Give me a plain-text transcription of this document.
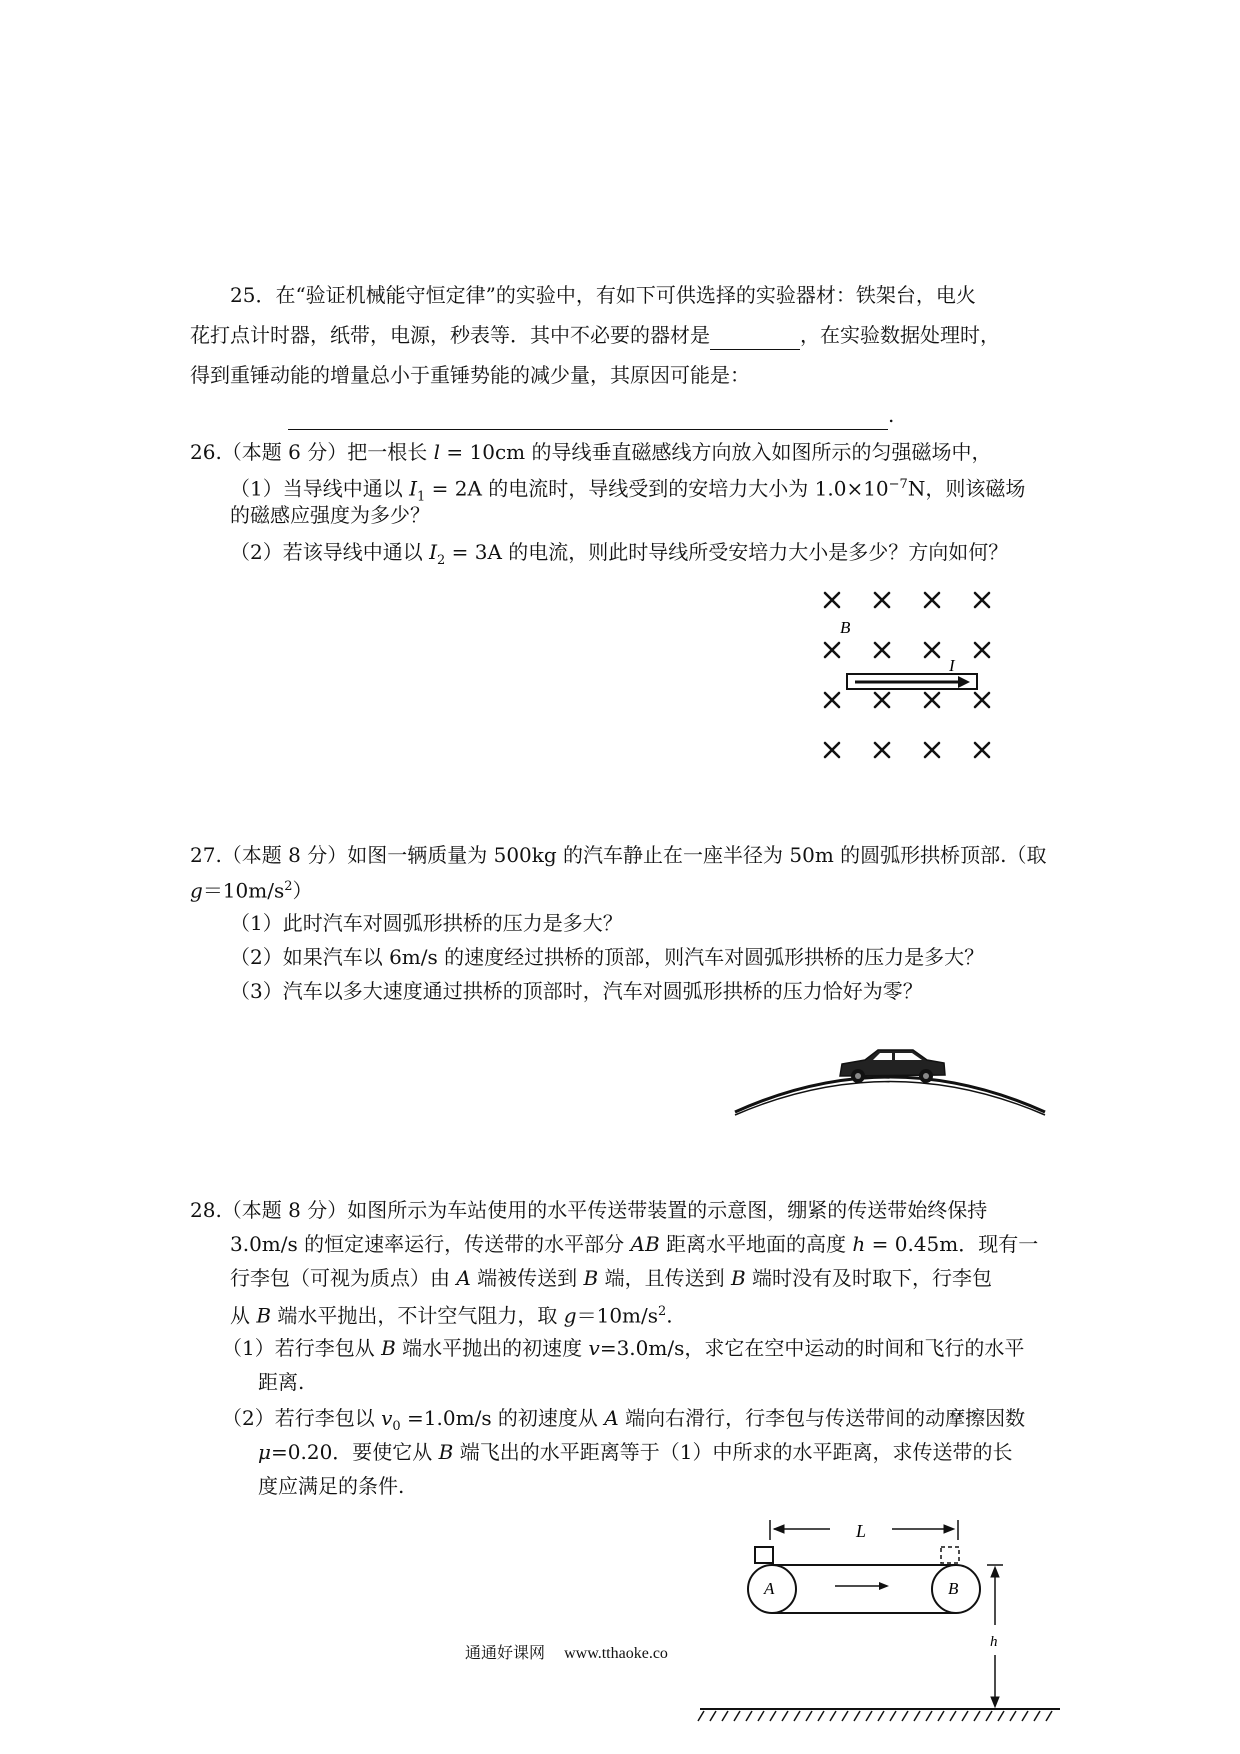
25．在“验证机械能守恒定律”的实验中，有如下可供选择的实验器材：铁架台，电火
花打点计时器，纸带，电源，秒表等．其中不必要的器材是	，在实验数据处理时，
得到重锤动能的增量总小于重锤势能的减少量，其原因可能是：
.
26.（本题 6 分）把一根长 l = 10cm 的导线垂直磁感线方向放入如图所示的匀强磁场中，
（1）当导线中通以 $I_1 = 2A$ 的电流时，导线受到的安培力大小为 $1.0\times 10^{-7}N$，则该磁场
的磁感应强度为多少？
（2）若该导线中通以 $I_2 = 3A$ 的电流，则此时导线所受安培力大小是多少？方向如何？
B
I
27.（本题 8 分）如图一辆质量为 500kg 的汽车静止在一座半径为 50m 的圆弧形拱桥顶部.（取
$g=10m/s^2$）
（1）此时汽车对圆弧形拱桥的压力是多大？
（2）如果汽车以 6m/s 的速度经过拱桥的顶部，则汽车对圆弧形拱桥的压力是多大？
（3）汽车以多大速度通过拱桥的顶部时，汽车对圆弧形拱桥的压力恰好为零？
28.（本题 8 分）如图所示为车站使用的水平传送带装置的示意图，绷紧的传送带始终保持
3.0m/s 的恒定速率运行，传送带的水平部分 AB 距离水平地面的高度 h = 0.45m．现有一
行李包（可视为质点）由 A 端被传送到 B 端，且传送到 B 端时没有及时取下，行李包
从 B 端水平抛出，不计空气阻力，取 $g=10m/s^2$.
（1）若行李包从 B 端水平抛出的初速度 v=3.0m/s，求它在空中运动的时间和飞行的水平
距离.
（2）若行李包以 $v_0 =1.0m/s$ 的初速度从 A 端向右滑行，行李包与传送带间的动摩擦因数
μ=0.20．要使它从 B 端飞出的水平距离等于（1）中所求的水平距离，求传送带的长
度应满足的条件.
L
A	B
h
通通好课网 www.tthaoke.co
